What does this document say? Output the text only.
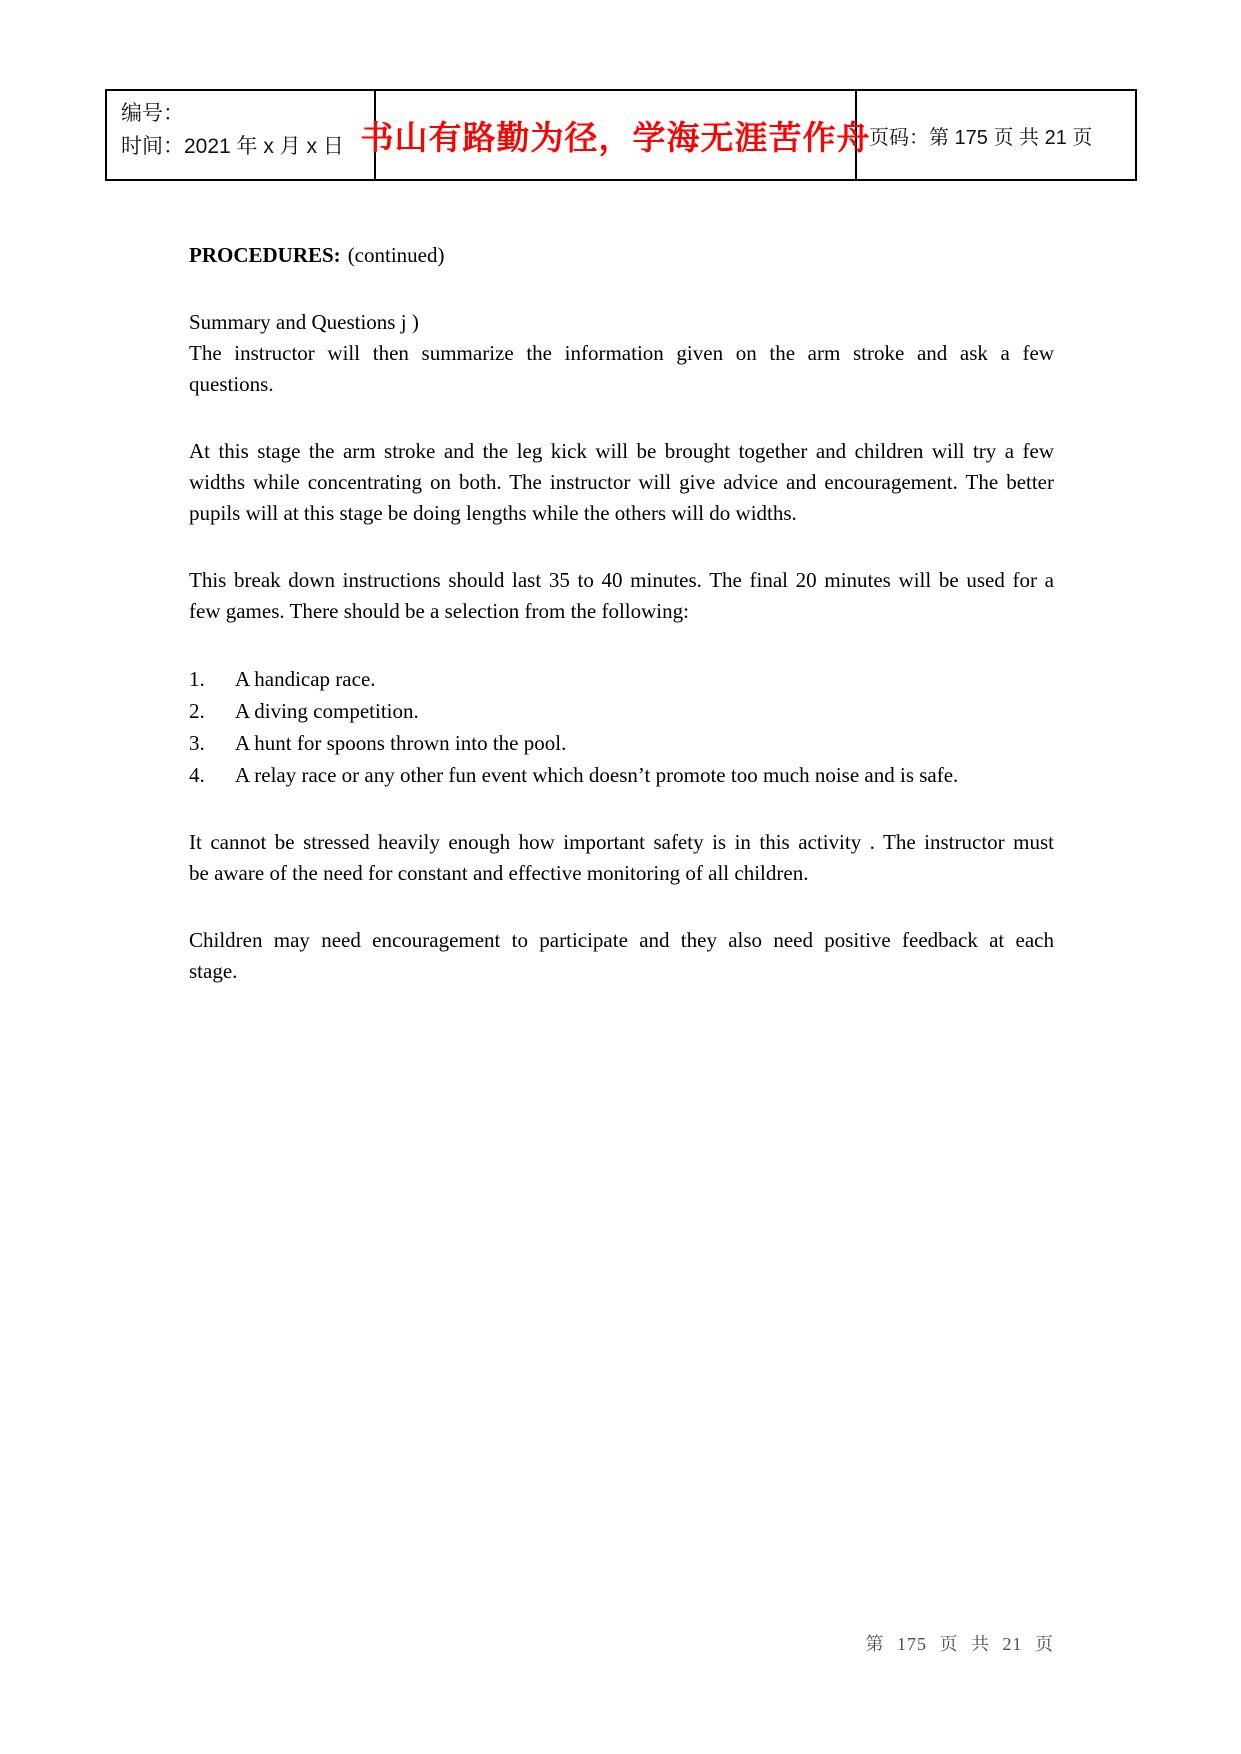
编号：
时间：2021 年 x 月 x 日 书山有路勤为径，学海无涯苦作舟
页码：第 175 页 共 21 页
PROCEDURES: (continued)
Summary and Questions j )
The instructor will then summarize the information given on the arm stroke and ask a few
questions.
At this stage the arm stroke and the leg kick will be brought together and children will try a few
widths while concentrating on both. The instructor will give advice and encouragement. The better
pupils will at this stage be doing lengths while the others will do widths.
This break down instructions should last 35 to 40 minutes. The final 20 minutes will be used for a
few games. There should be a selection from the following:
1.	A handicap race.
2.	A diving competition.
3.	A hunt for spoons thrown into the pool.
4.	A relay race or any other fun event which doesn’t promote too much noise and is safe.
It cannot be stressed heavily enough how important safety is in this activity . The instructor must
be aware of the need for constant and effective monitoring of all children.
Children may need encouragement to participate and they also need positive feedback at each
stage.
第 175 页 共 21 页
